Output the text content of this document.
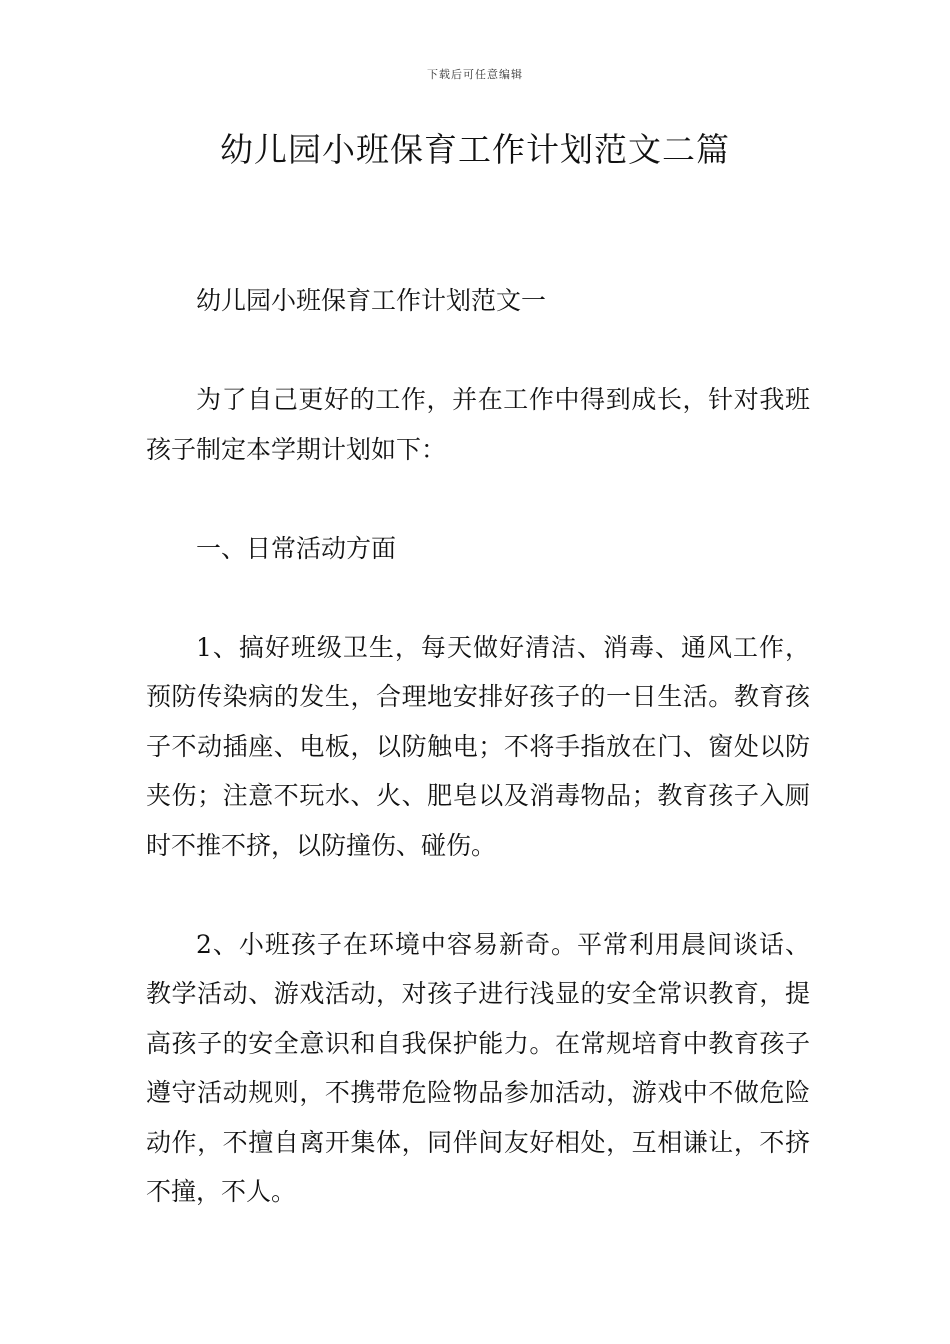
下载后可任意编辑
幼儿园小班保育工作计划范文二篇

幼儿园小班保育工作计划范文一

为了自己更好的工作，并在工作中得到成长，针对我班孩子制定本学期计划如下：

一、日常活动方面

1、搞好班级卫生，每天做好清洁、消毒、通风工作，预防传染病的发生，合理地安排好孩子的一日生活。教育孩子不动插座、电板，以防触电；不将手指放在门、窗处以防夹伤；注意不玩水、火、肥皂以及消毒物品；教育孩子入厕时不推不挤，以防撞伤、碰伤。

2、小班孩子在环境中容易新奇。平常利用晨间谈话、教学活动、游戏活动，对孩子进行浅显的安全常识教育，提高孩子的安全意识和自我保护能力。在常规培育中教育孩子遵守活动规则，不携带危险物品参加活动，游戏中不做危险动作，不擅自离开集体，同伴间友好相处，互相谦让，不挤不撞，不人。
